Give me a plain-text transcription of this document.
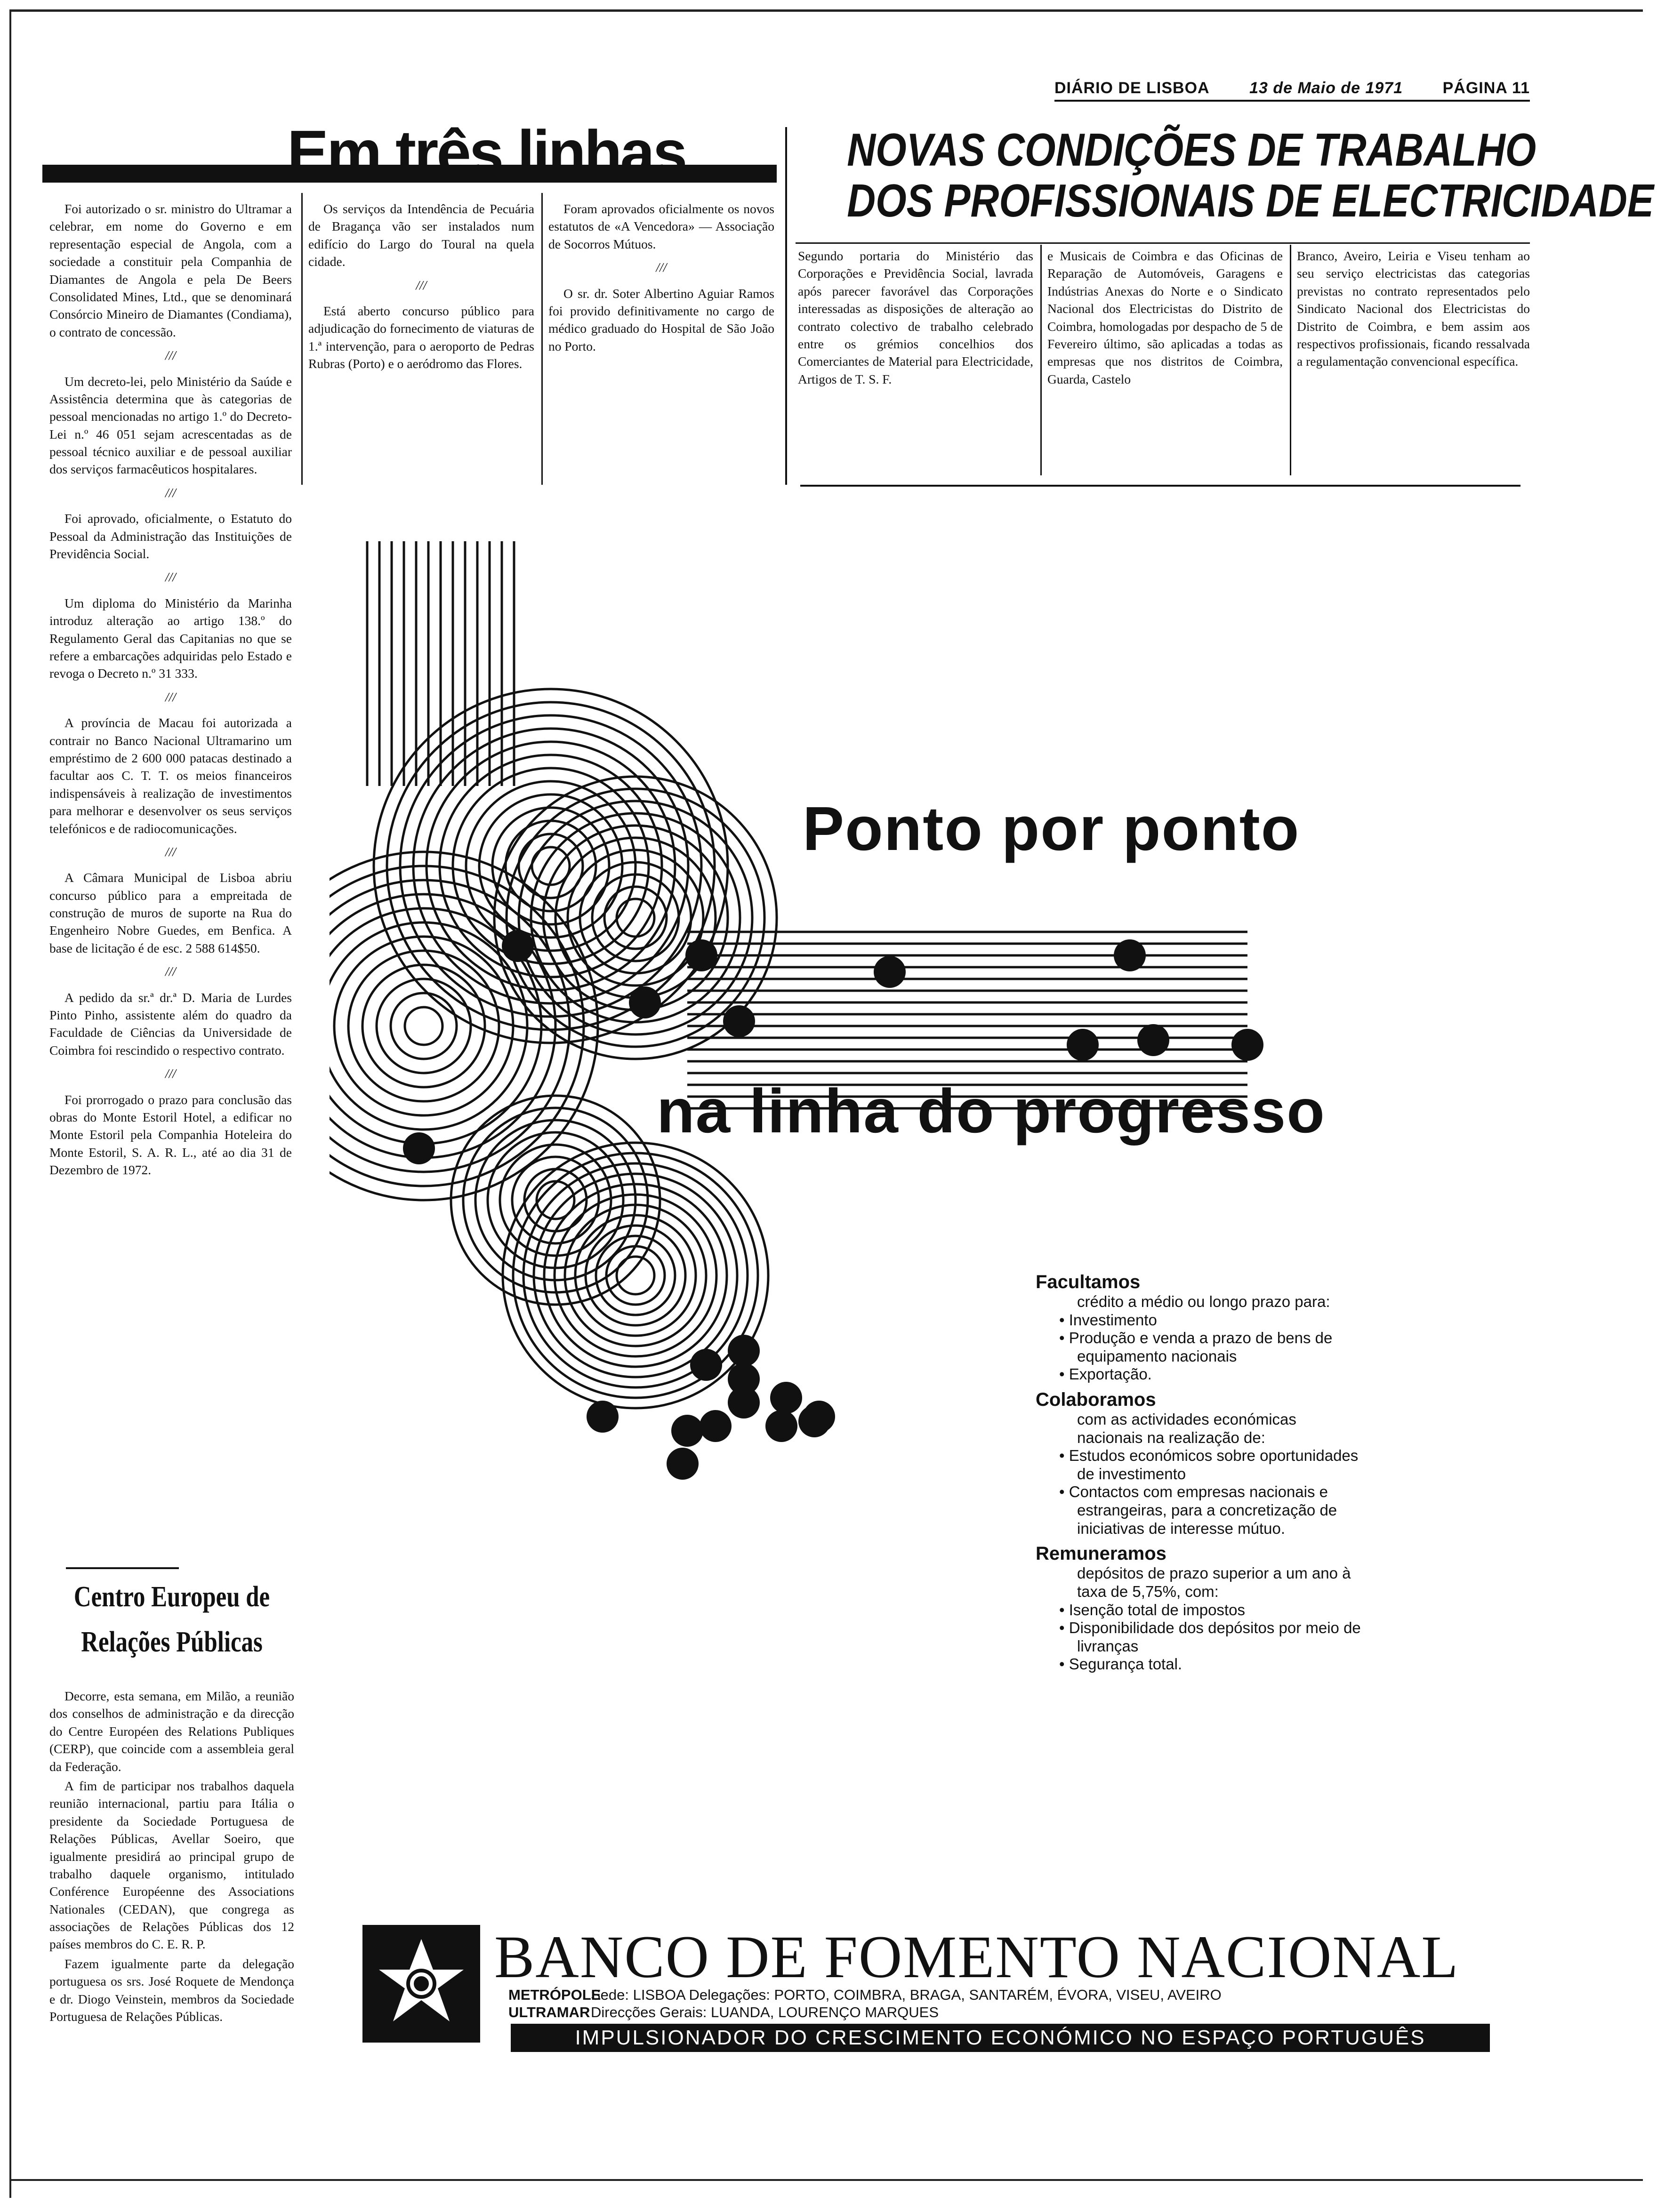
DIÁRIO DE LISBOA 13 de Maio de 1971 PÁGINA 11
Em três linhas

Foi autorizado o sr. ministro do Ultramar a celebrar, em nome do Governo e em representação especial de Angola, com a sociedade a constituir pela Companhia de Diamantes de Angola e pela De Beers Consolidated Mines, Ltd., que se denominará Consórcio Mineiro de Diamantes (Condiama), o contrato de concessão.

///

Um decreto-lei, pelo Ministério da Saúde e Assistência determina que às categorias de pessoal mencionadas no artigo 1.º do Decreto-Lei n.º 46 051 sejam acrescentadas as de pessoal técnico auxiliar e de pessoal auxiliar dos serviços farmacêuticos hospitalares.

///

Foi aprovado, oficialmente, o Estatuto do Pessoal da Administração das Instituições de Previdência Social.

///

Um diploma do Ministério da Marinha introduz alteração ao artigo 138.º do Regulamento Geral das Capitanias no que se refere a embarcações adquiridas pelo Estado e revoga o Decreto n.º 31 333.

///

A província de Macau foi autorizada a contrair no Banco Nacional Ultramarino um empréstimo de 2 600 000 patacas destinado a facultar aos C. T. T. os meios financeiros indispensáveis à realização de investimentos para melhorar e desenvolver os seus serviços telefónicos e de radiocomunicações.

///

A Câmara Municipal de Lisboa abriu concurso público para a empreitada de construção de muros de suporte na Rua do Engenheiro Nobre Guedes, em Benfica. A base de licitação é de esc. 2 588 614$50.

///

A pedido da sr.ª dr.ª D. Maria de Lurdes Pinto Pinho, assistente além do quadro da Faculdade de Ciências da Universidade de Coimbra foi rescindido o respectivo contrato.

///

Foi prorrogado o prazo para conclusão das obras do Monte Estoril Hotel, a edificar no Monte Estoril pela Companhia Hoteleira do Monte Estoril, S. A. R. L., até ao dia 31 de Dezembro de 1972.

Os serviços da Intendência de Pecuária de Bragança vão ser instalados num edifício do Largo do Toural na quela cidade.

///

Está aberto concurso público para adjudicação do fornecimento de viaturas de 1.ª intervenção, para o aeroporto de Pedras Rubras (Porto) e o aeródromo das Flores.

Foram aprovados oficialmente os novos estatutos de «A Vencedora» — Associação de Socorros Mútuos.

///

O sr. dr. Soter Albertino Aguiar Ramos foi provido definitivamente no cargo de médico graduado do Hospital de São João no Porto.

Centro Europeu de Relações Públicas

Decorre, esta semana, em Milão, a reunião dos conselhos de administração e da direcção do Centre Européen des Relations Publiques (CERP), que coincide com a assembleia geral da Federação.

A fim de participar nos trabalhos daquela reunião internacional, partiu para Itália o presidente da Sociedade Portuguesa de Relações Públicas, Avellar Soeiro, que igualmente presidirá ao principal grupo de trabalho daquele organismo, intitulado Conférence Européenne des Associations Nationales (CEDAN), que congrega as associações de Relações Públicas dos 12 países membros do C. E. R. P.

Fazem igualmente parte da delegação portuguesa os srs. José Roquete de Mendonça e dr. Diogo Veinstein, membros da Sociedade Portuguesa de Relações Públicas.

NOVAS CONDIÇÕES DE TRABALHO
DOS PROFISSIONAIS DE ELECTRICIDADE
Segundo portaria do Ministério das Corporações e Previdência Social, lavrada após parecer favorável das Corporações interessadas as disposições de alteração ao contrato colectivo de trabalho celebrado entre os grémios concelhios dos Comerciantes de Material para Electricidade, Artigos de T. S. F.
e Musicais de Coimbra e das Oficinas de Reparação de Automóveis, Garagens e Indústrias Anexas do Norte e o Sindicato Nacional dos Electricistas do Distrito de Coimbra, homologadas por despacho de 5 de Fevereiro último, são aplicadas a todas as empresas que nos distritos de Coimbra, Guarda, Castelo
Branco, Aveiro, Leiria e Viseu tenham ao seu serviço electricistas das categorias previstas no contrato representados pelo Sindicato Nacional dos Electricistas do Distrito de Coimbra, e bem assim aos respectivos profissionais, ficando ressalvada a regulamentação convencional específica.
Ponto por ponto
na linha do progresso
Facultamos
crédito a médio ou longo prazo para:
• Investimento
• Produção e venda a prazo de bens de equipamento nacionais
• Exportação.
Colaboramos
com as actividades económicas nacionais na realização de:
• Estudos económicos sobre oportunidades de investimento
• Contactos com empresas nacionais e estrangeiras, para a concretização de iniciativas de interesse mútuo.
Remuneramos
depósitos de prazo superior a um ano à taxa de 5,75%, com:
• Isenção total de impostos
• Disponibilidade dos depósitos por meio de livranças
• Segurança total.
BANCO DE FOMENTO NACIONAL
METRÓPOLESede: LISBOA Delegações: PORTO, COIMBRA, BRAGA, SANTARÉM, ÉVORA, VISEU, AVEIRO
ULTRAMARDirecções Gerais: LUANDA, LOURENÇO MARQUES
IMPULSIONADOR DO CRESCIMENTO ECONÓMICO NO ESPAÇO PORTUGUÊS
